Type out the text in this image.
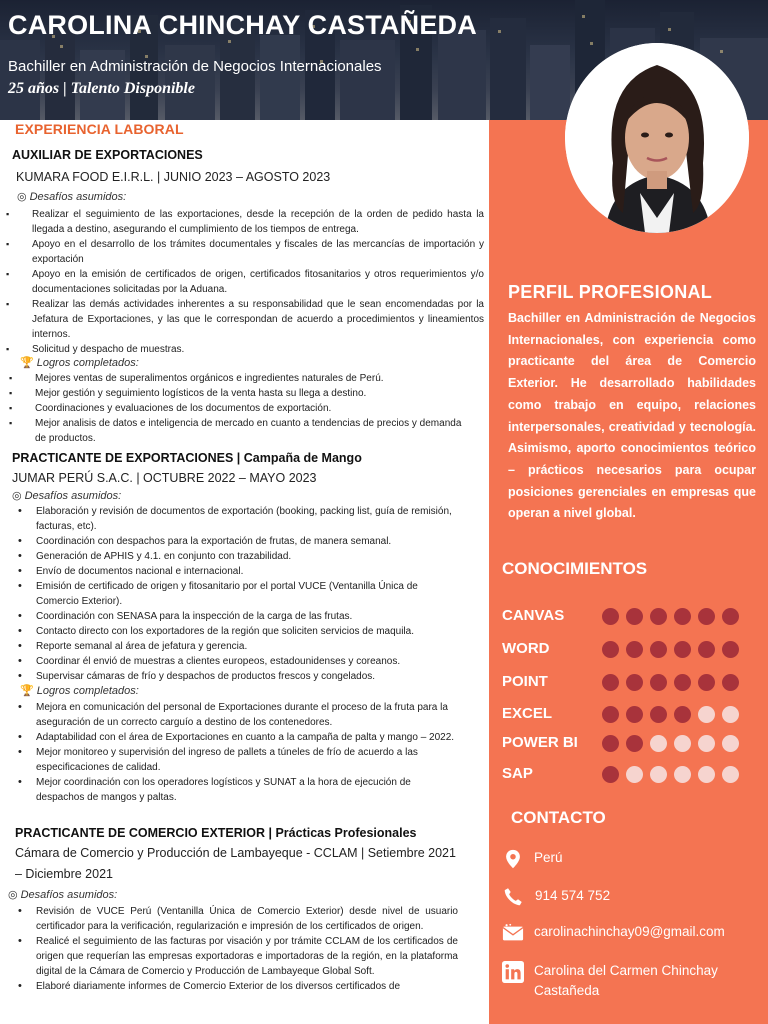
CAROLINA CHINCHAY CASTAÑEDA
Bachiller en Administración de Negocios Internacionales
25 años | Talento Disponible
PERFIL PROFESIONAL
Bachiller en Administración de Negocios Internacionales, con experiencia como practicante del área de Comercio Exterior. He desarrollado habilidades como trabajo en equipo, relaciones interpersonales, creatividad y tecnología. Asimismo, aporto conocimientos teórico – prácticos necesarios para ocupar posiciones gerenciales en empresas que operan a nivel global.
CONOCIMIENTOS
CANVAS
WORD
POINT
EXCEL
POWER BI
SAP
CONTACTO
Perú
914 574 752
carolinachinchay09@gmail.com
Carolina del Carmen Chinchay
Castañeda
EXPERIENCIA LABORAL
AUXILIAR DE EXPORTACIONES
KUMARA FOOD E.I.R.L. | JUNIO 2023 – AGOSTO 2023
◎ Desafíos asumidos:
▪ Realizar el seguimiento de las exportaciones, desde la recepción de la orden de pedido hasta la llegada a destino, asegurando el cumplimiento de los tiempos de entrega.
▪ Apoyo en el desarrollo de los trámites documentales y fiscales de las mercancías de importación y exportación
▪ Apoyo en la emisión de certificados de origen, certificados fitosanitarios y otros requerimientos y/o documentaciones solicitadas por la Aduana.
▪ Realizar las demás actividades inherentes a su responsabilidad que le sean encomendadas por la Jefatura de Exportaciones, y las que le correspondan de acuerdo a procedimientos y lineamientos internos.
▪ Solicitud y despacho de muestras.
🏆 Logros completados:
▪ Mejores ventas de superalimentos orgánicos e ingredientes naturales de Perú.
▪ Mejor gestión y seguimiento logísticos de la venta hasta su llega a destino.
▪ Coordinaciones y evaluaciones de los documentos de exportación.
▪ Mejor analisis de datos e inteligencia de mercado en cuanto a tendencias de precios y demanda de productos.
PRACTICANTE DE EXPORTACIONES | Campaña de Mango
JUMAR PERÚ S.A.C. | OCTUBRE 2022 – MAYO 2023
◎ Desafíos asumidos:
• Elaboración y revisión de documentos de exportación (booking, packing list, guía de remisión, facturas, etc).
• Coordinación con despachos para la exportación de frutas, de manera semanal.
• Generación de APHIS y 4.1. en conjunto con trazabilidad.
• Envío de documentos nacional e internacional.
• Emisión de certificado de origen y fitosanitario por el portal VUCE (Ventanilla Única de Comercio Exterior).
• Coordinación con SENASA para la inspección de la carga de las frutas.
• Contacto directo con los exportadores de la región que soliciten servicios de maquila.
• Reporte semanal al área de jefatura y gerencia.
• Coordinar él envió de muestras a clientes europeos, estadounidenses y coreanos.
• Supervisar cámaras de frío y despachos de productos frescos y congelados.
🏆 Logros completados:
• Mejora en comunicación del personal de Exportaciones durante el proceso de la fruta para la aseguración de un correcto carguío a destino de los contenedores.
• Adaptabilidad con el área de Exportaciones en cuanto a la campaña de palta y mango – 2022.
• Mejor monitoreo y supervisión del ingreso de pallets a túneles de frío de acuerdo a las especificaciones de calidad.
• Mejor coordinación con los operadores logísticos y SUNAT a la hora de ejecución de despachos de mangos y paltas.
PRACTICANTE DE COMERCIO EXTERIOR | Prácticas Profesionales
Cámara de Comercio y Producción de Lambayeque - CCLAM | Setiembre 2021
– Diciembre 2021
◎ Desafíos asumidos:
• Revisión de VUCE Perú (Ventanilla Única de Comercio Exterior) desde nivel de usuario certificador para la verificación, regularización e impresión de los certificados de origen.
• Realicé el seguimiento de las facturas por visación y por trámite CCLAM de los certificados de origen que requerían las empresas exportadoras e importadoras de la región, en la plataforma digital de la Cámara de Comercio y Producción de Lambayeque Global Soft.
• Elaboré diariamente informes de Comercio Exterior de los diversos certificados de
